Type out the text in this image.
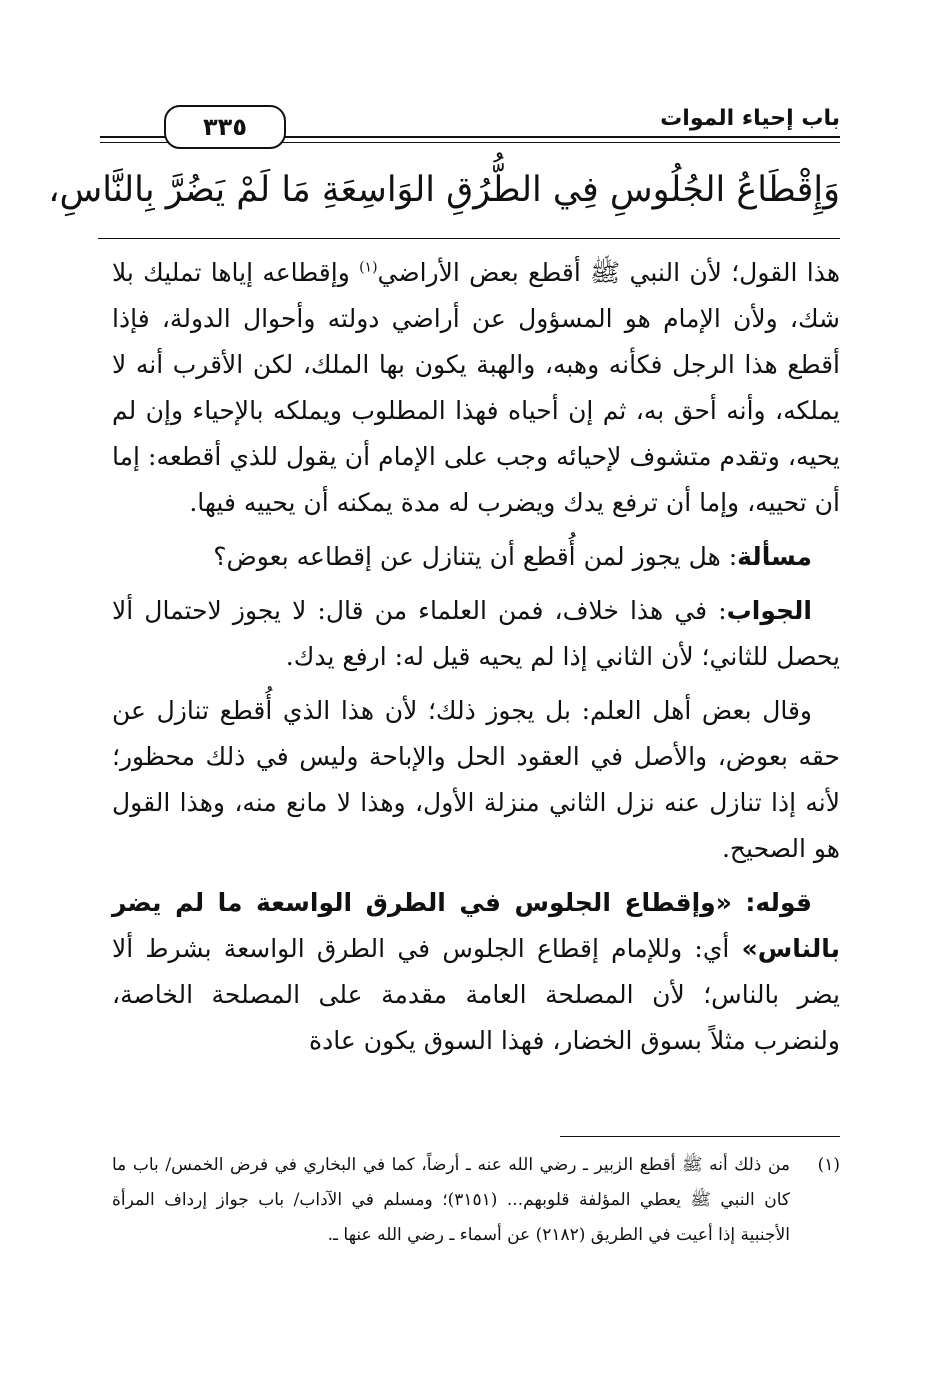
باب إحياء الموات
٣٣٥
وَإِقْطَاعُ الجُلُوسِ فِي الطُّرُقِ الوَاسِعَةِ مَا لَمْ يَضُرَّ بِالنَّاسِ،

هذا القول؛ لأن النبي ﷺ أقطع بعض الأراضي$^{(١)}$ وإقطاعه إياها تمليك بلا شك، ولأن الإمام هو المسؤول عن أراضي دولته وأحوال الدولة، فإذا أقطع هذا الرجل فكأنه وهبه، والهبة يكون بها الملك، لكن الأقرب أنه لا يملكه، وأنه أحق به، ثم إن أحياه فهذا المطلوب ويملكه بالإحياء وإن لم يحيه، وتقدم متشوف لإحيائه وجب على الإمام أن يقول للذي أقطعه: إما أن تحييه، وإما أن ترفع يدك ويضرب له مدة يمكنه أن يحييه فيها.

مسألة: هل يجوز لمن أُقطع أن يتنازل عن إقطاعه بعوض؟

الجواب: في هذا خلاف، فمن العلماء من قال: لا يجوز لاحتمال ألا يحصل للثاني؛ لأن الثاني إذا لم يحيه قيل له: ارفع يدك.

وقال بعض أهل العلم: بل يجوز ذلك؛ لأن هذا الذي أُقطع تنازل عن حقه بعوض، والأصل في العقود الحل والإباحة وليس في ذلك محظور؛ لأنه إذا تنازل عنه نزل الثاني منزلة الأول، وهذا لا مانع منه، وهذا القول هو الصحيح.

قوله: «وإقطاع الجلوس في الطرق الواسعة ما لم يضر بالناس» أي: وللإمام إقطاع الجلوس في الطرق الواسعة بشرط ألا يضر بالناس؛ لأن المصلحة العامة مقدمة على المصلحة الخاصة، ولنضرب مثلاً بسوق الخضار، فهذا السوق يكون عادة

(١)
من ذلك أنه ﷺ أقطع الزبير ـ رضي الله عنه ـ أرضاً، كما في البخاري في فرض الخمس/ باب ما كان النبي ﷺ يعطي المؤلفة قلوبهم... (٣١٥١)؛ ومسلم في الآداب/ باب جواز إرداف المرأة الأجنبية إذا أعيت في الطريق (٢١٨٢) عن أسماء ـ رضي الله عنها ـ.
